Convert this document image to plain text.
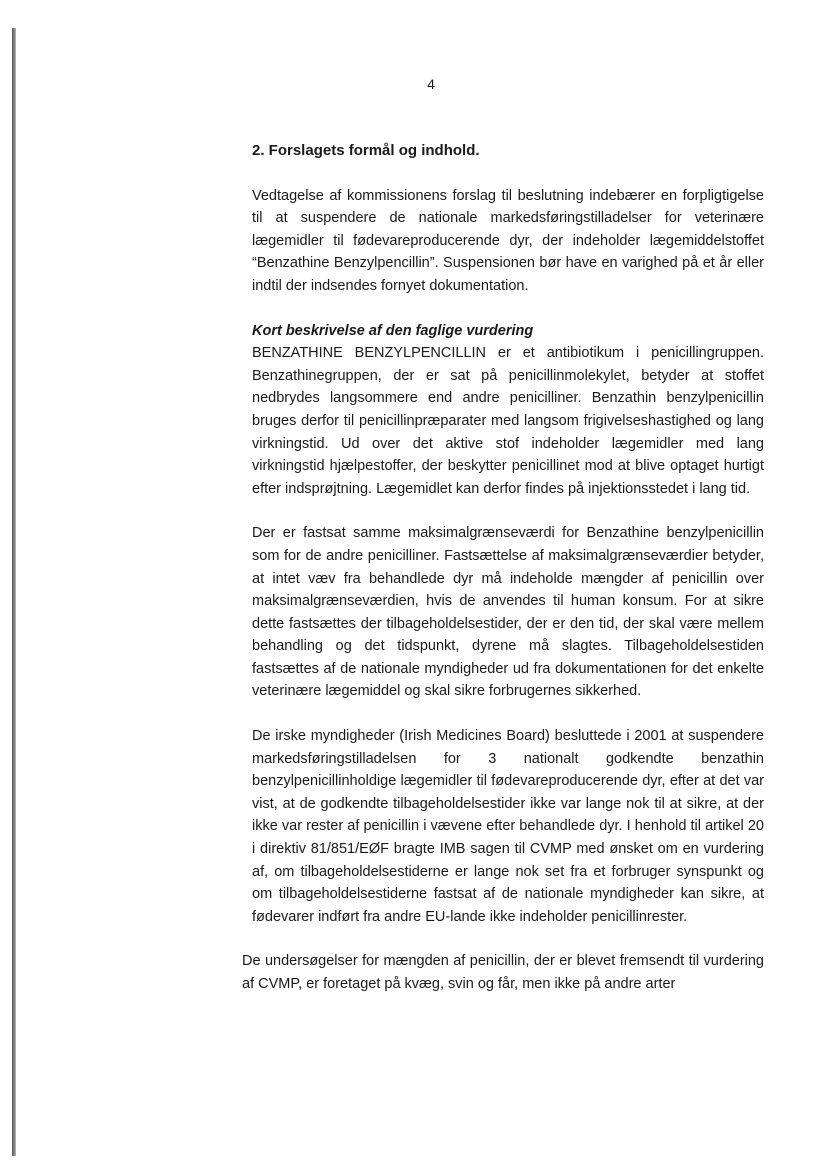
4

2. Forslagets formål og indhold.

Vedtagelse af kommissionens forslag til beslutning indebærer en forpligtigelse til at suspendere de nationale markedsføringstilladelser for veterinære lægemidler til fødevareproducerende dyr, der indeholder lægemiddelstoffet “Benzathine Benzylpencillin”. Suspensionen bør have en varighed på et år eller indtil der indsendes fornyet dokumentation.

Kort beskrivelse af den faglige vurdering

BENZATHINE BENZYLPENCILLIN er et antibiotikum i penicillingruppen. Benzathinegruppen, der er sat på penicillinmolekylet, betyder at stoffet nedbrydes langsommere end andre penicilliner. Benzathin benzylpenicillin bruges derfor til penicillinpræparater med langsom frigivelseshastighed og lang virkningstid. Ud over det aktive stof indeholder lægemidler med lang virkningstid hjælpestoffer, der beskytter penicillinet mod at blive optaget hurtigt efter indsprøjtning. Lægemidlet kan derfor findes på injektionsstedet i lang tid.

Der er fastsat samme maksimalgrænseværdi for Benzathine benzylpenicillin som for de andre penicilliner. Fastsættelse af maksimalgrænseværdier betyder, at intet væv fra behandlede dyr må indeholde mængder af penicillin over maksimalgrænseværdien, hvis de anvendes til human konsum. For at sikre dette fastsættes der tilbageholdelsestider, der er den tid, der skal være mellem behandling og det tidspunkt, dyrene må slagtes. Tilbageholdelsestiden fastsættes af de nationale myndigheder ud fra dokumentationen for det enkelte veterinære lægemiddel og skal sikre forbrugernes sikkerhed.

De irske myndigheder (Irish Medicines Board) besluttede i 2001 at suspendere markedsføringstilladelsen for 3 nationalt godkendte benzathin benzylpenicillinholdige lægemidler til fødevareproducerende dyr, efter at det var vist, at de godkendte tilbageholdelsestider ikke var lange nok til at sikre, at der ikke var rester af penicillin i vævene efter behandlede dyr. I henhold til artikel 20 i direktiv 81/851/EØF bragte IMB sagen til CVMP med ønsket om en vurdering af, om tilbageholdelsestiderne er lange nok set fra et forbruger synspunkt og om tilbageholdelsestiderne fastsat af de nationale myndigheder kan sikre, at fødevarer indført fra andre EU-lande ikke indeholder penicillinrester.

De undersøgelser for mængden af penicillin, der er blevet fremsendt til vurdering af CVMP, er foretaget på kvæg, svin og får, men ikke på andre arter
